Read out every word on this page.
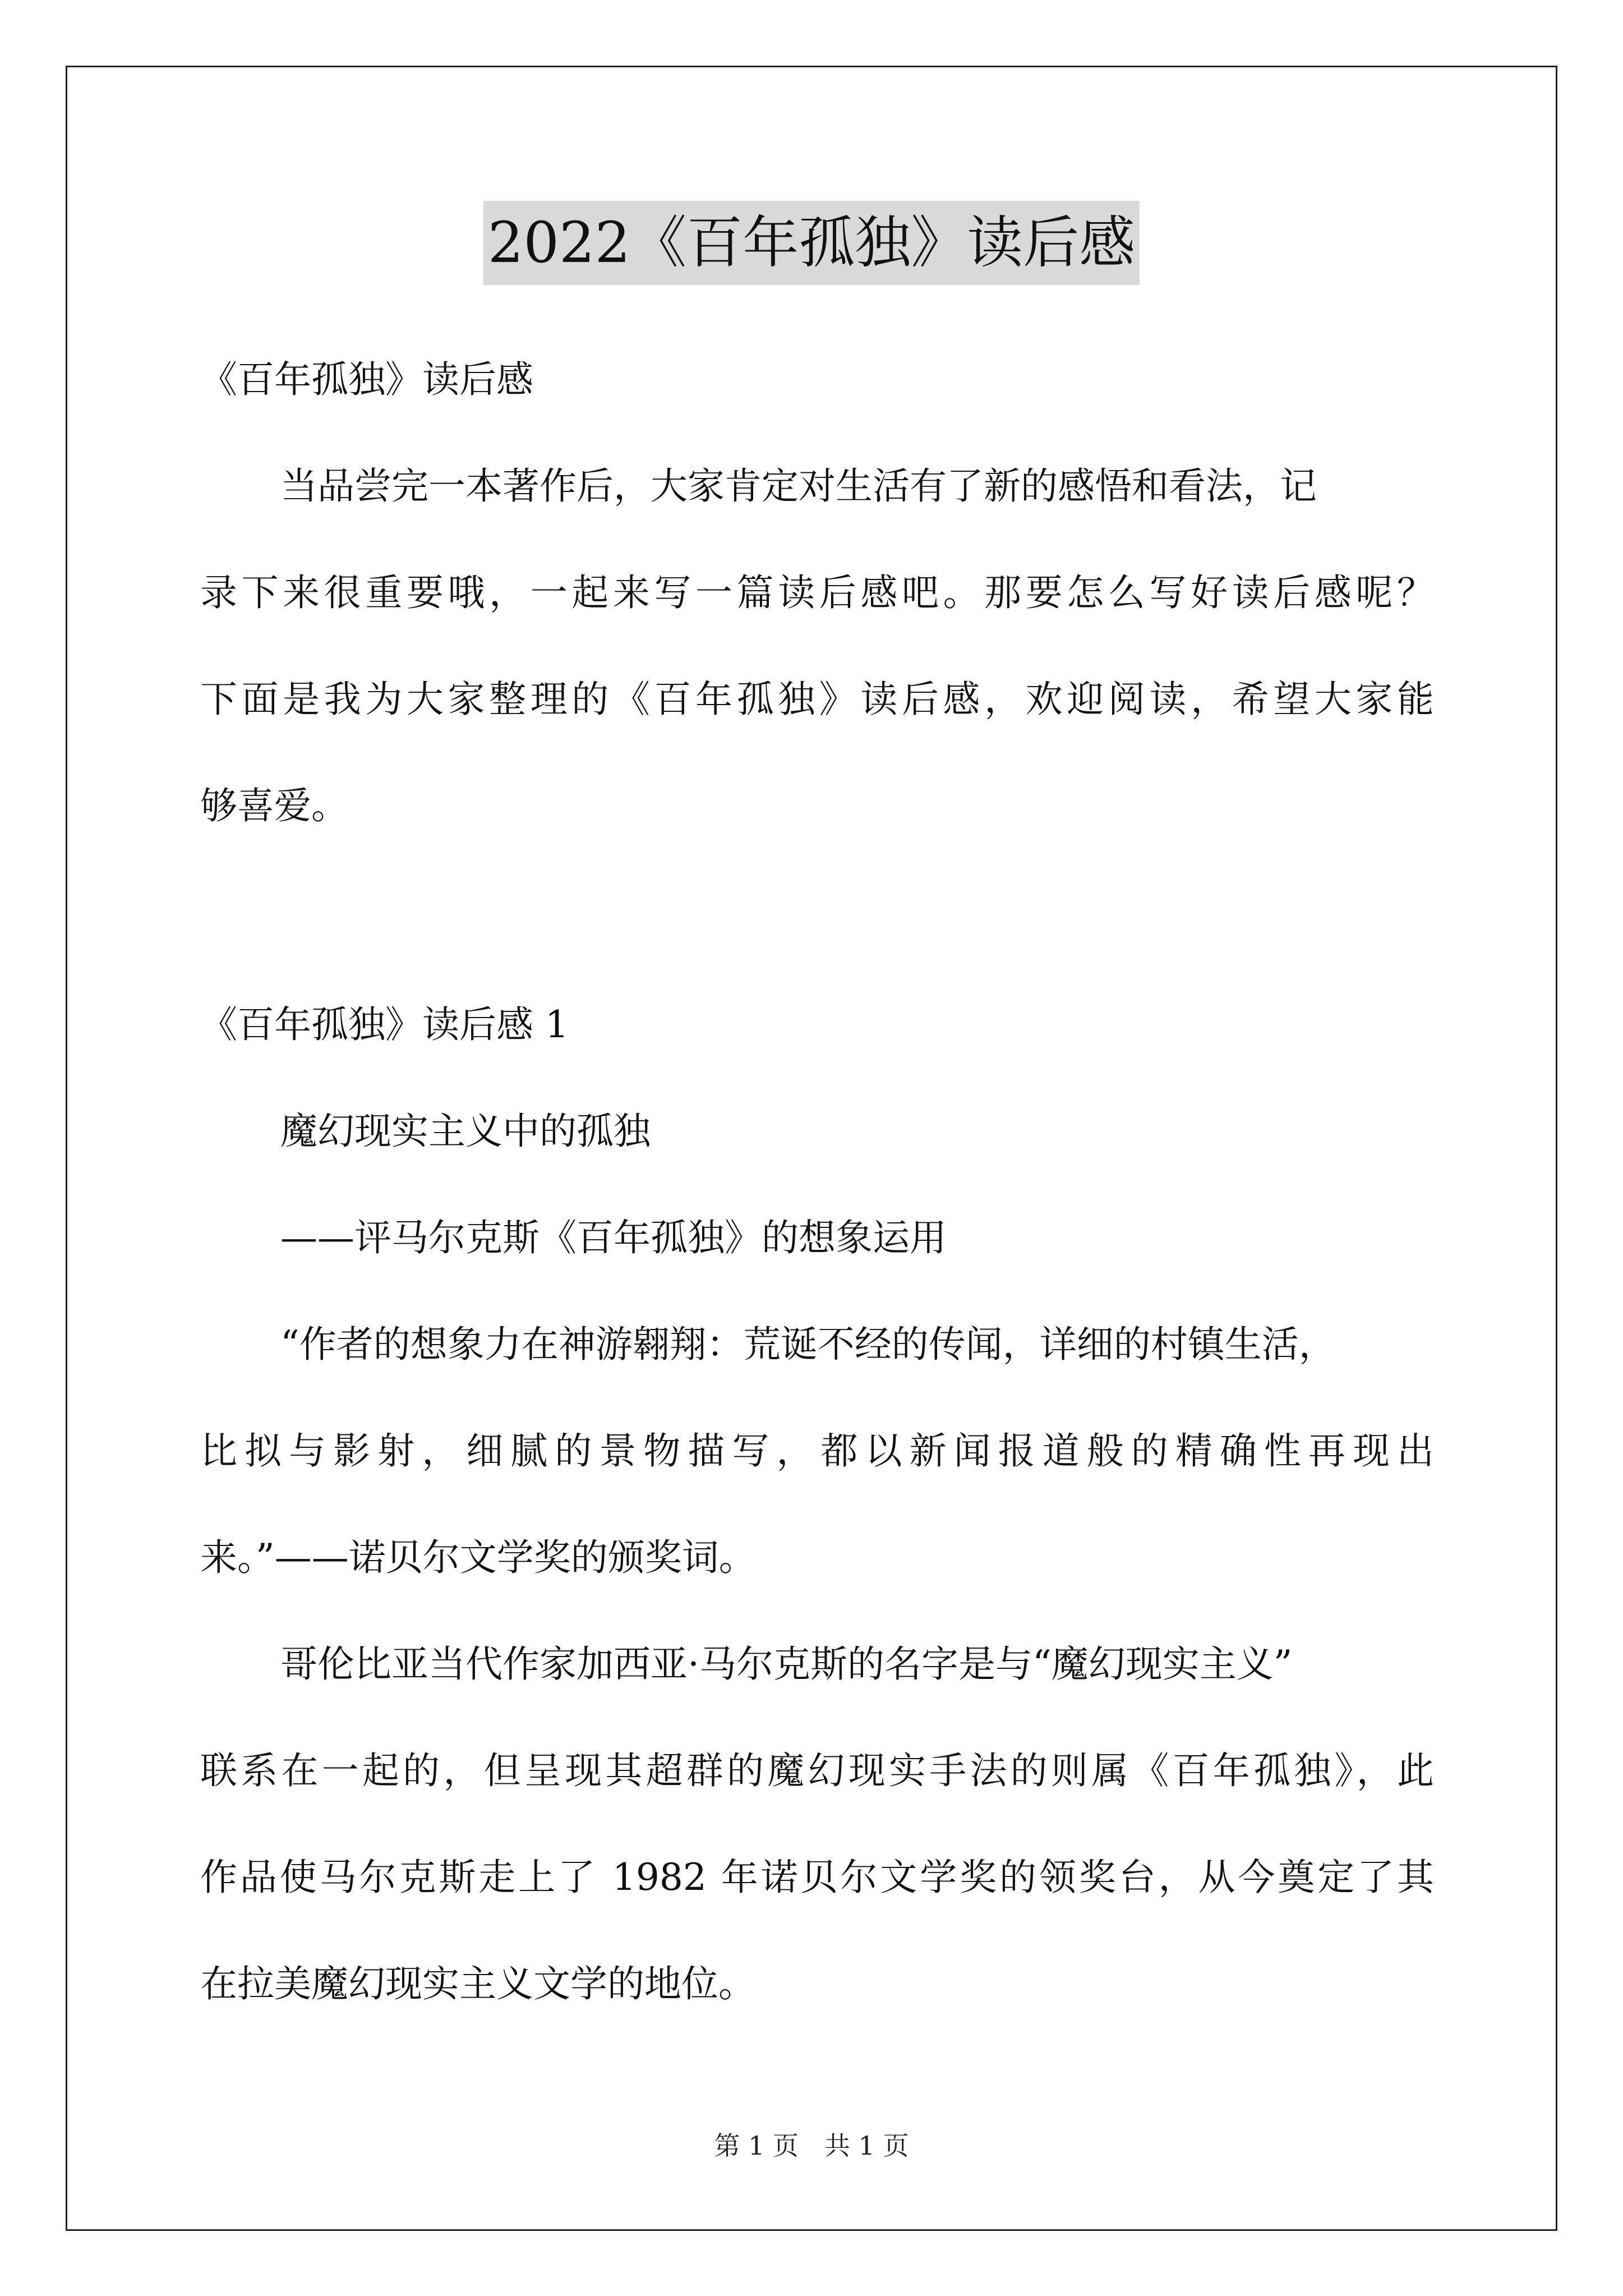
2022《百年孤独》读后感
《百年孤独》读后感
当品尝完一本著作后，大家肯定对生活有了新的感悟和看法，记
录下来很重要哦，一起来写一篇读后感吧。那要怎么写好读后感呢？
下面是我为大家整理的《百年孤独》读后感，欢迎阅读，希望大家能
够喜爱。
《百年孤独》读后感 1
魔幻现实主义中的孤独
——评马尔克斯《百年孤独》的想象运用
“作者的想象力在神游翱翔：荒诞不经的传闻，详细的村镇生活，
比拟与影射，细腻的景物描写，都以新闻报道般的精确性再现出
来。”——诺贝尔文学奖的颁奖词。
哥伦比亚当代作家加西亚·马尔克斯的名字是与“魔幻现实主义”
联系在一起的，但呈现其超群的魔幻现实手法的则属《百年孤独》，此
作品使马尔克斯走上了 1982 年诺贝尔文学奖的领奖台，从今奠定了其
在拉美魔幻现实主义文学的地位。
第 1 页　共 1 页
